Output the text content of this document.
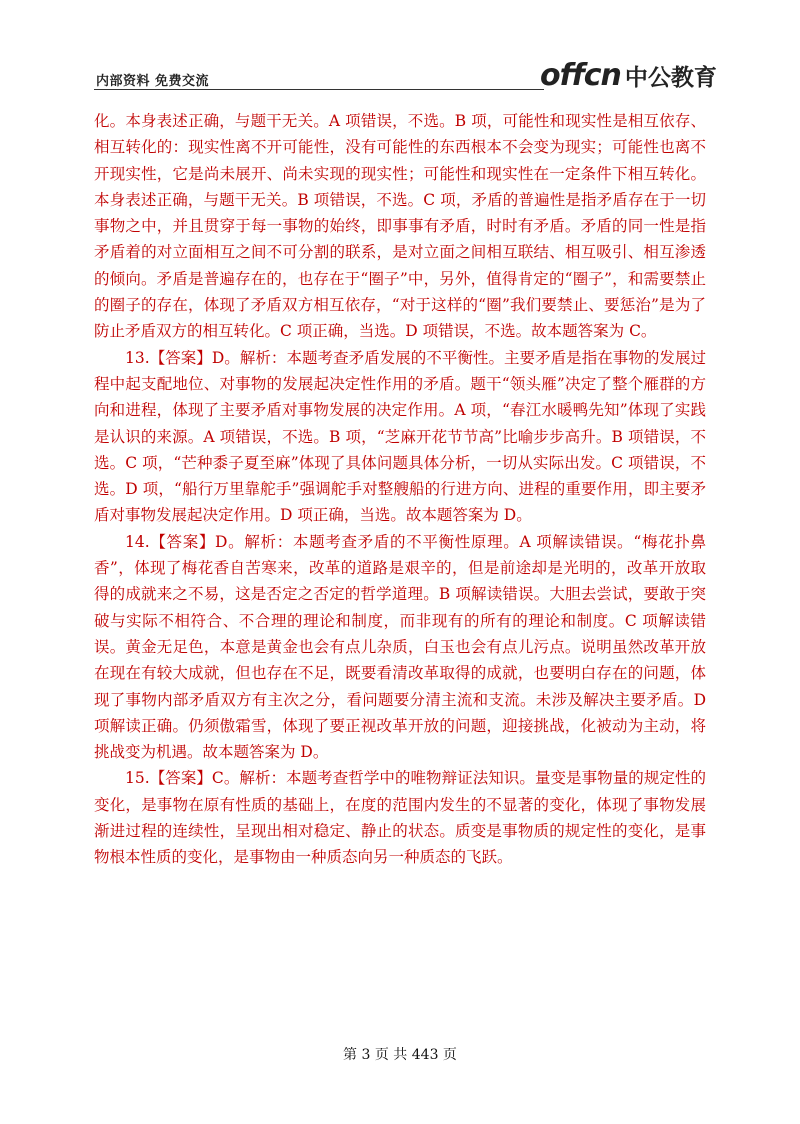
内部资料 免费交流	offcn 中公教育

化。本身表述正确，与题干无关。A 项错误，不选。B 项，可能性和现实性是相互依存、相互转化的：现实性离不开可能性，没有可能性的东西根本不会变为现实；可能性也离不开现实性，它是尚未展开、尚未实现的现实性；可能性和现实性在一定条件下相互转化。本身表述正确，与题干无关。B 项错误，不选。C 项，矛盾的普遍性是指矛盾存在于一切事物之中，并且贯穿于每一事物的始终，即事事有矛盾，时时有矛盾。矛盾的同一性是指矛盾着的对立面相互之间不可分割的联系，是对立面之间相互联结、相互吸引、相互渗透的倾向。矛盾是普遍存在的，也存在于“圈子”中，另外，值得肯定的“圈子”，和需要禁止的圈子的存在，体现了矛盾双方相互依存，“对于这样的“圈”我们要禁止、要惩治”是为了防止矛盾双方的相互转化。C 项正确，当选。D 项错误，不选。故本题答案为 C。

13.【答案】D。解析：本题考查矛盾发展的不平衡性。主要矛盾是指在事物的发展过程中起支配地位、对事物的发展起决定性作用的矛盾。题干“领头雁”决定了整个雁群的方向和进程，体现了主要矛盾对事物发展的决定作用。A 项，“春江水暖鸭先知”体现了实践是认识的来源。A 项错误，不选。B 项，“芝麻开花节节高”比喻步步高升。B 项错误，不选。C 项，“芒种黍子夏至麻”体现了具体问题具体分析，一切从实际出发。C 项错误，不选。D 项，“船行万里靠舵手”强调舵手对整艘船的行进方向、进程的重要作用，即主要矛盾对事物发展起决定作用。D 项正确，当选。故本题答案为 D。

14.【答案】D。解析：本题考查矛盾的不平衡性原理。A 项解读错误。“梅花扑鼻香”，体现了梅花香自苦寒来，改革的道路是艰辛的，但是前途却是光明的，改革开放取得的成就来之不易，这是否定之否定的哲学道理。B 项解读错误。大胆去尝试，要敢于突破与实际不相符合、不合理的理论和制度，而非现有的所有的理论和制度。C 项解读错误。黄金无足色，本意是黄金也会有点儿杂质，白玉也会有点儿污点。说明虽然改革开放在现在有较大成就，但也存在不足，既要看清改革取得的成就，也要明白存在的问题，体现了事物内部矛盾双方有主次之分，看问题要分清主流和支流。未涉及解决主要矛盾。D 项解读正确。仍须傲霜雪，体现了要正视改革开放的问题，迎接挑战，化被动为主动，将挑战变为机遇。故本题答案为 D。

15.【答案】C。解析：本题考查哲学中的唯物辩证法知识。量变是事物量的规定性的变化，是事物在原有性质的基础上，在度的范围内发生的不显著的变化，体现了事物发展渐进过程的连续性，呈现出相对稳定、静止的状态。质变是事物质的规定性的变化，是事物根本性质的变化，是事物由一种质态向另一种质态的飞跃。

第 3 页 共 443 页
